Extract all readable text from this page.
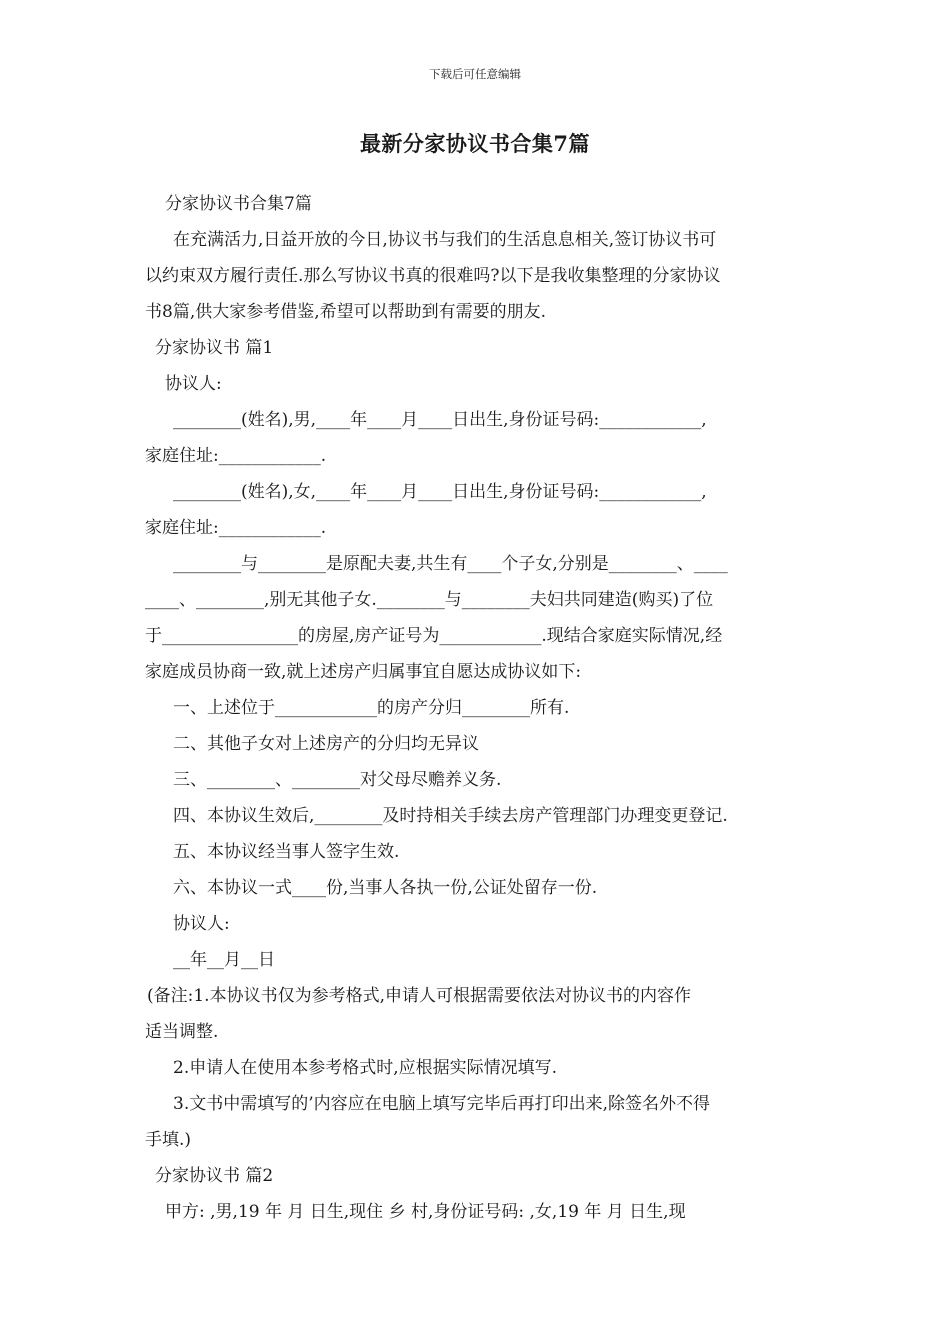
下载后可任意编辑
最新分家协议书合集7篇
分家协议书合集7篇
在充满活力,日益开放的今日,协议书与我们的生活息息相关,签订协议书可
以约束双方履行责任.那么写协议书真的很难吗?以下是我收集整理的分家协议
书8篇,供大家参考借鉴,希望可以帮助到有需要的朋友.
分家协议书 篇1
协议人:
________(姓名),男,____年____月____日出生,身份证号码:____________,
家庭住址:____________.
________(姓名),女,____年____月____日出生,身份证号码:____________,
家庭住址:____________.
________与________是原配夫妻,共生有____个子女,分别是________、____
____、________,别无其他子女.________与________夫妇共同建造(购买)了位
于________________的房屋,房产证号为____________.现结合家庭实际情况,经
家庭成员协商一致,就上述房产归属事宜自愿达成协议如下:
一、上述位于____________的房产分归________所有.
二、其他子女对上述房产的分归均无异议
三、________、________对父母尽赡养义务.
四、本协议生效后,________及时持相关手续去房产管理部门办理变更登记.
五、本协议经当事人签字生效.
六、本协议一式____份,当事人各执一份,公证处留存一份.
协议人:
__年__月__日
(备注:1.本协议书仅为参考格式,申请人可根据需要依法对协议书的内容作
适当调整.
2.申请人在使用本参考格式时,应根据实际情况填写.
3.文书中需填写的’内容应在电脑上填写完毕后再打印出来,除签名外不得
手填.)
分家协议书 篇2
甲方: ,男,19 年 月 日生,现住 乡 村,身份证号码: ,女,19 年 月 日生,现
